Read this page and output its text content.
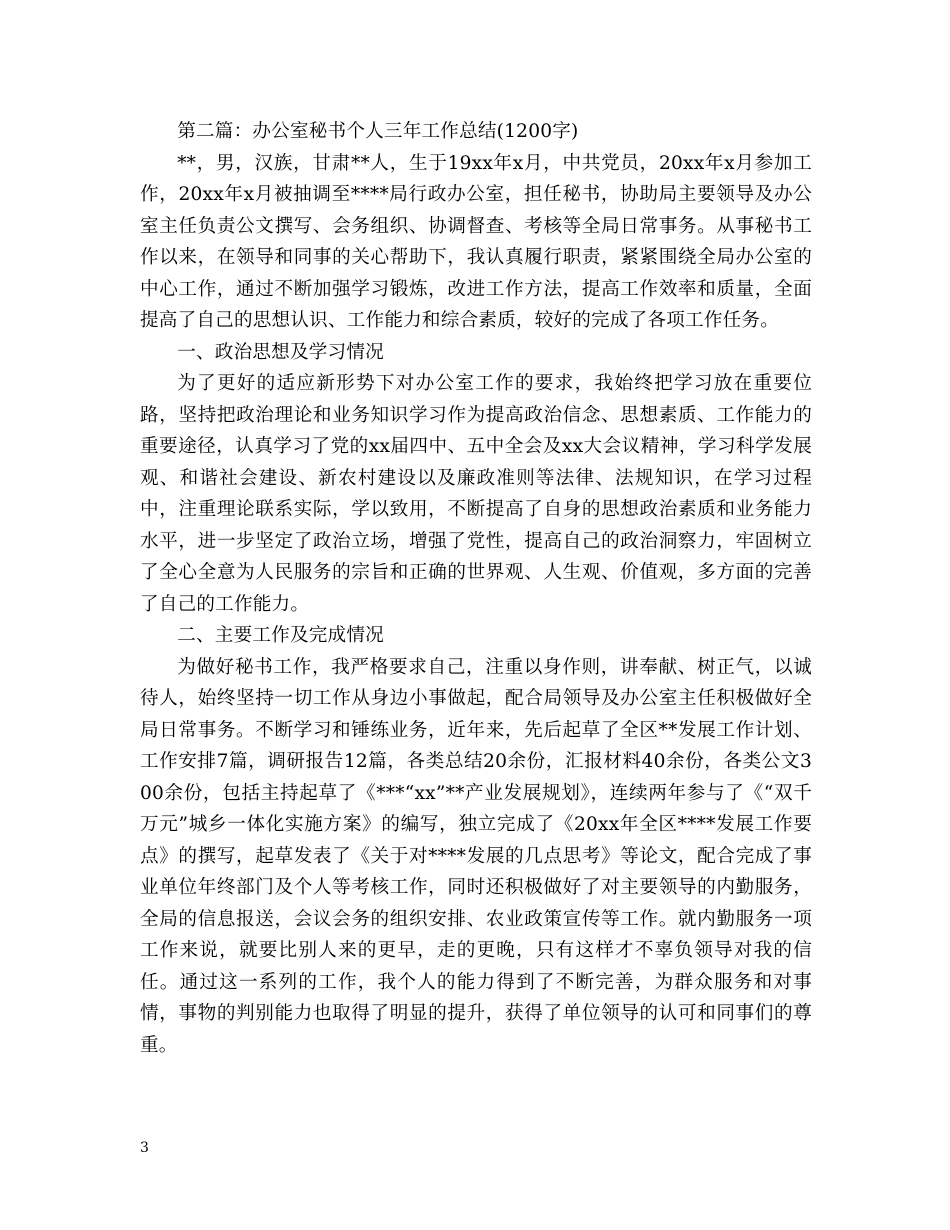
第二篇：办公室秘书个人三年工作总结(1200字)

**，男，汉族，甘肃**人，生于19xx年x月，中共党员，20xx年x月参加工作，20xx年x月被抽调至****局行政办公室，担任秘书，协助局主要领导及办公室主任负责公文撰写、会务组织、协调督查、考核等全局日常事务。从事秘书工作以来，在领导和同事的关心帮助下，我认真履行职责，紧紧围绕全局办公室的中心工作，通过不断加强学习锻炼，改进工作方法，提高工作效率和质量，全面提高了自己的思想认识、工作能力和综合素质，较好的完成了各项工作任务。

一、政治思想及学习情况

为了更好的适应新形势下对办公室工作的要求，我始终把学习放在重要位路，坚持把政治理论和业务知识学习作为提高政治信念、思想素质、工作能力的重要途径，认真学习了党的xx届四中、五中全会及xx大会议精神，学习科学发展观、和谐社会建设、新农村建设以及廉政准则等法律、法规知识，在学习过程中，注重理论联系实际，学以致用，不断提高了自身的思想政治素质和业务能力水平，进一步坚定了政治立场，增强了党性，提高自己的政治洞察力，牢固树立了全心全意为人民服务的宗旨和正确的世界观、人生观、价值观，多方面的完善了自己的工作能力。

二、主要工作及完成情况

为做好秘书工作，我严格要求自己，注重以身作则，讲奉献、树正气，以诚待人，始终坚持一切工作从身边小事做起，配合局领导及办公室主任积极做好全局日常事务。不断学习和锤练业务，近年来，先后起草了全区**发展工作计划、工作安排7篇，调研报告12篇，各类总结20余份，汇报材料40余份，各类公文300余份，包括主持起草了《***“xx”**产业发展规划》，连续两年参与了《“双千万元”城乡一体化实施方案》的编写，独立完成了《20xx年全区****发展工作要点》的撰写，起草发表了《关于对****发展的几点思考》等论文，配合完成了事业单位年终部门及个人等考核工作，同时还积极做好了对主要领导的内勤服务，全局的信息报送，会议会务的组织安排、农业政策宣传等工作。就内勤服务一项工作来说，就要比别人来的更早，走的更晚，只有这样才不辜负领导对我的信任。通过这一系列的工作，我个人的能力得到了不断完善，为群众服务和对事情，事物的判别能力也取得了明显的提升，获得了单位领导的认可和同事们的尊重。

3
